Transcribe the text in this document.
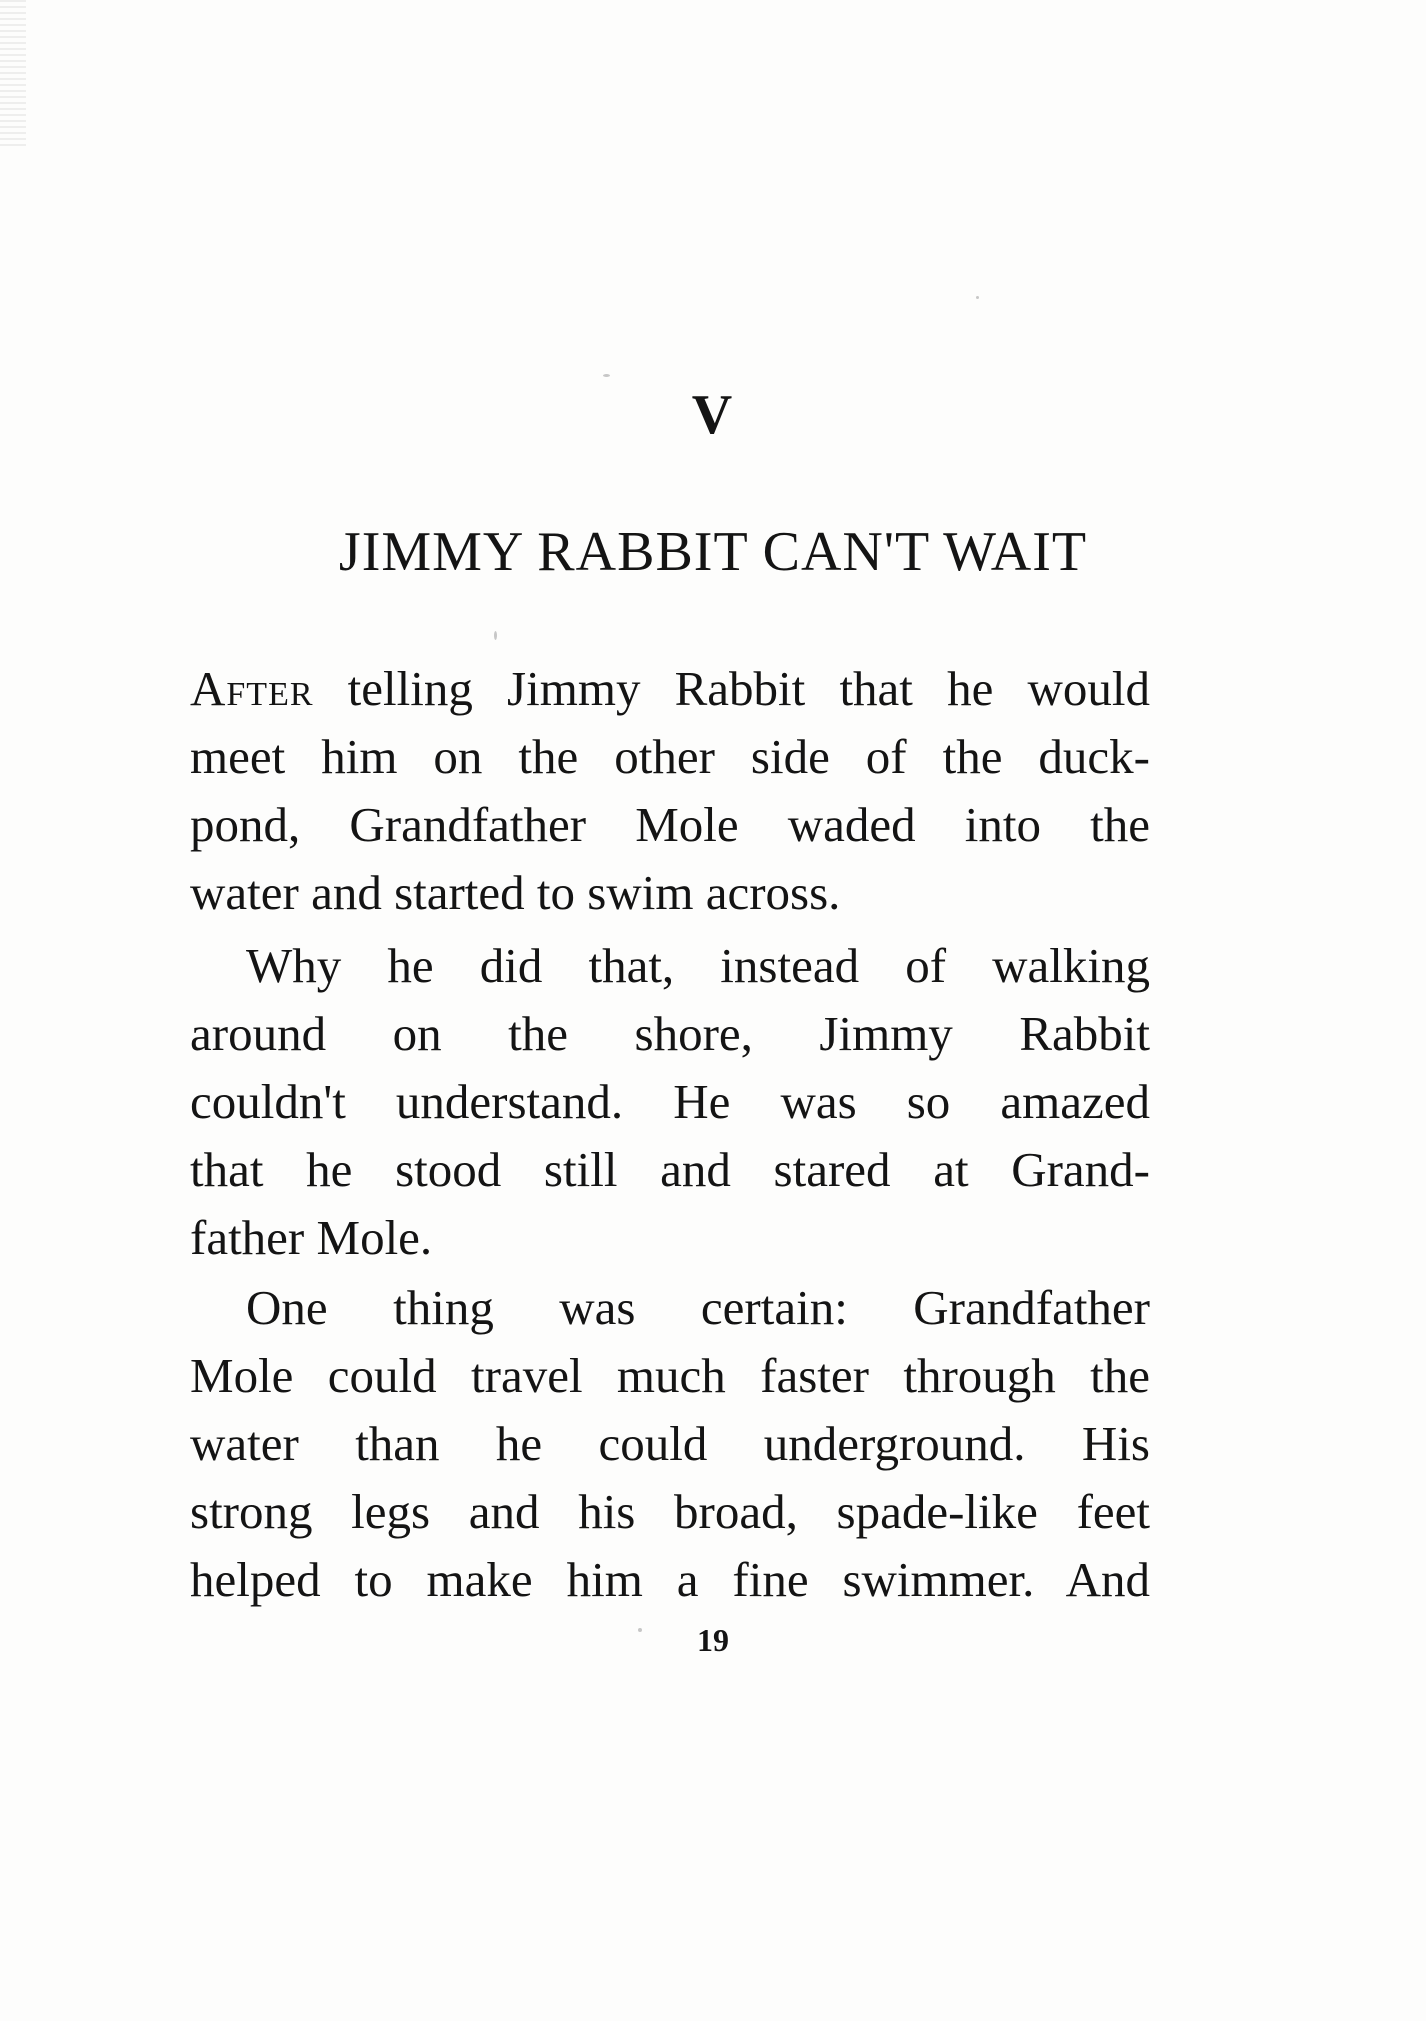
V
JIMMY RABBIT CAN'T WAIT
After telling Jimmy Rabbit that he would
meet him on the other side of the duck-
pond, Grandfather Mole waded into the
water and started to swim across.
Why he did that, instead of walking
around on the shore, Jimmy Rabbit
couldn't understand. He was so amazed
that he stood still and stared at Grand-
father Mole.
One thing was certain: Grandfather
Mole could travel much faster through the
water than he could underground. His
strong legs and his broad, spade-like feet
helped to make him a fine swimmer. And
19
